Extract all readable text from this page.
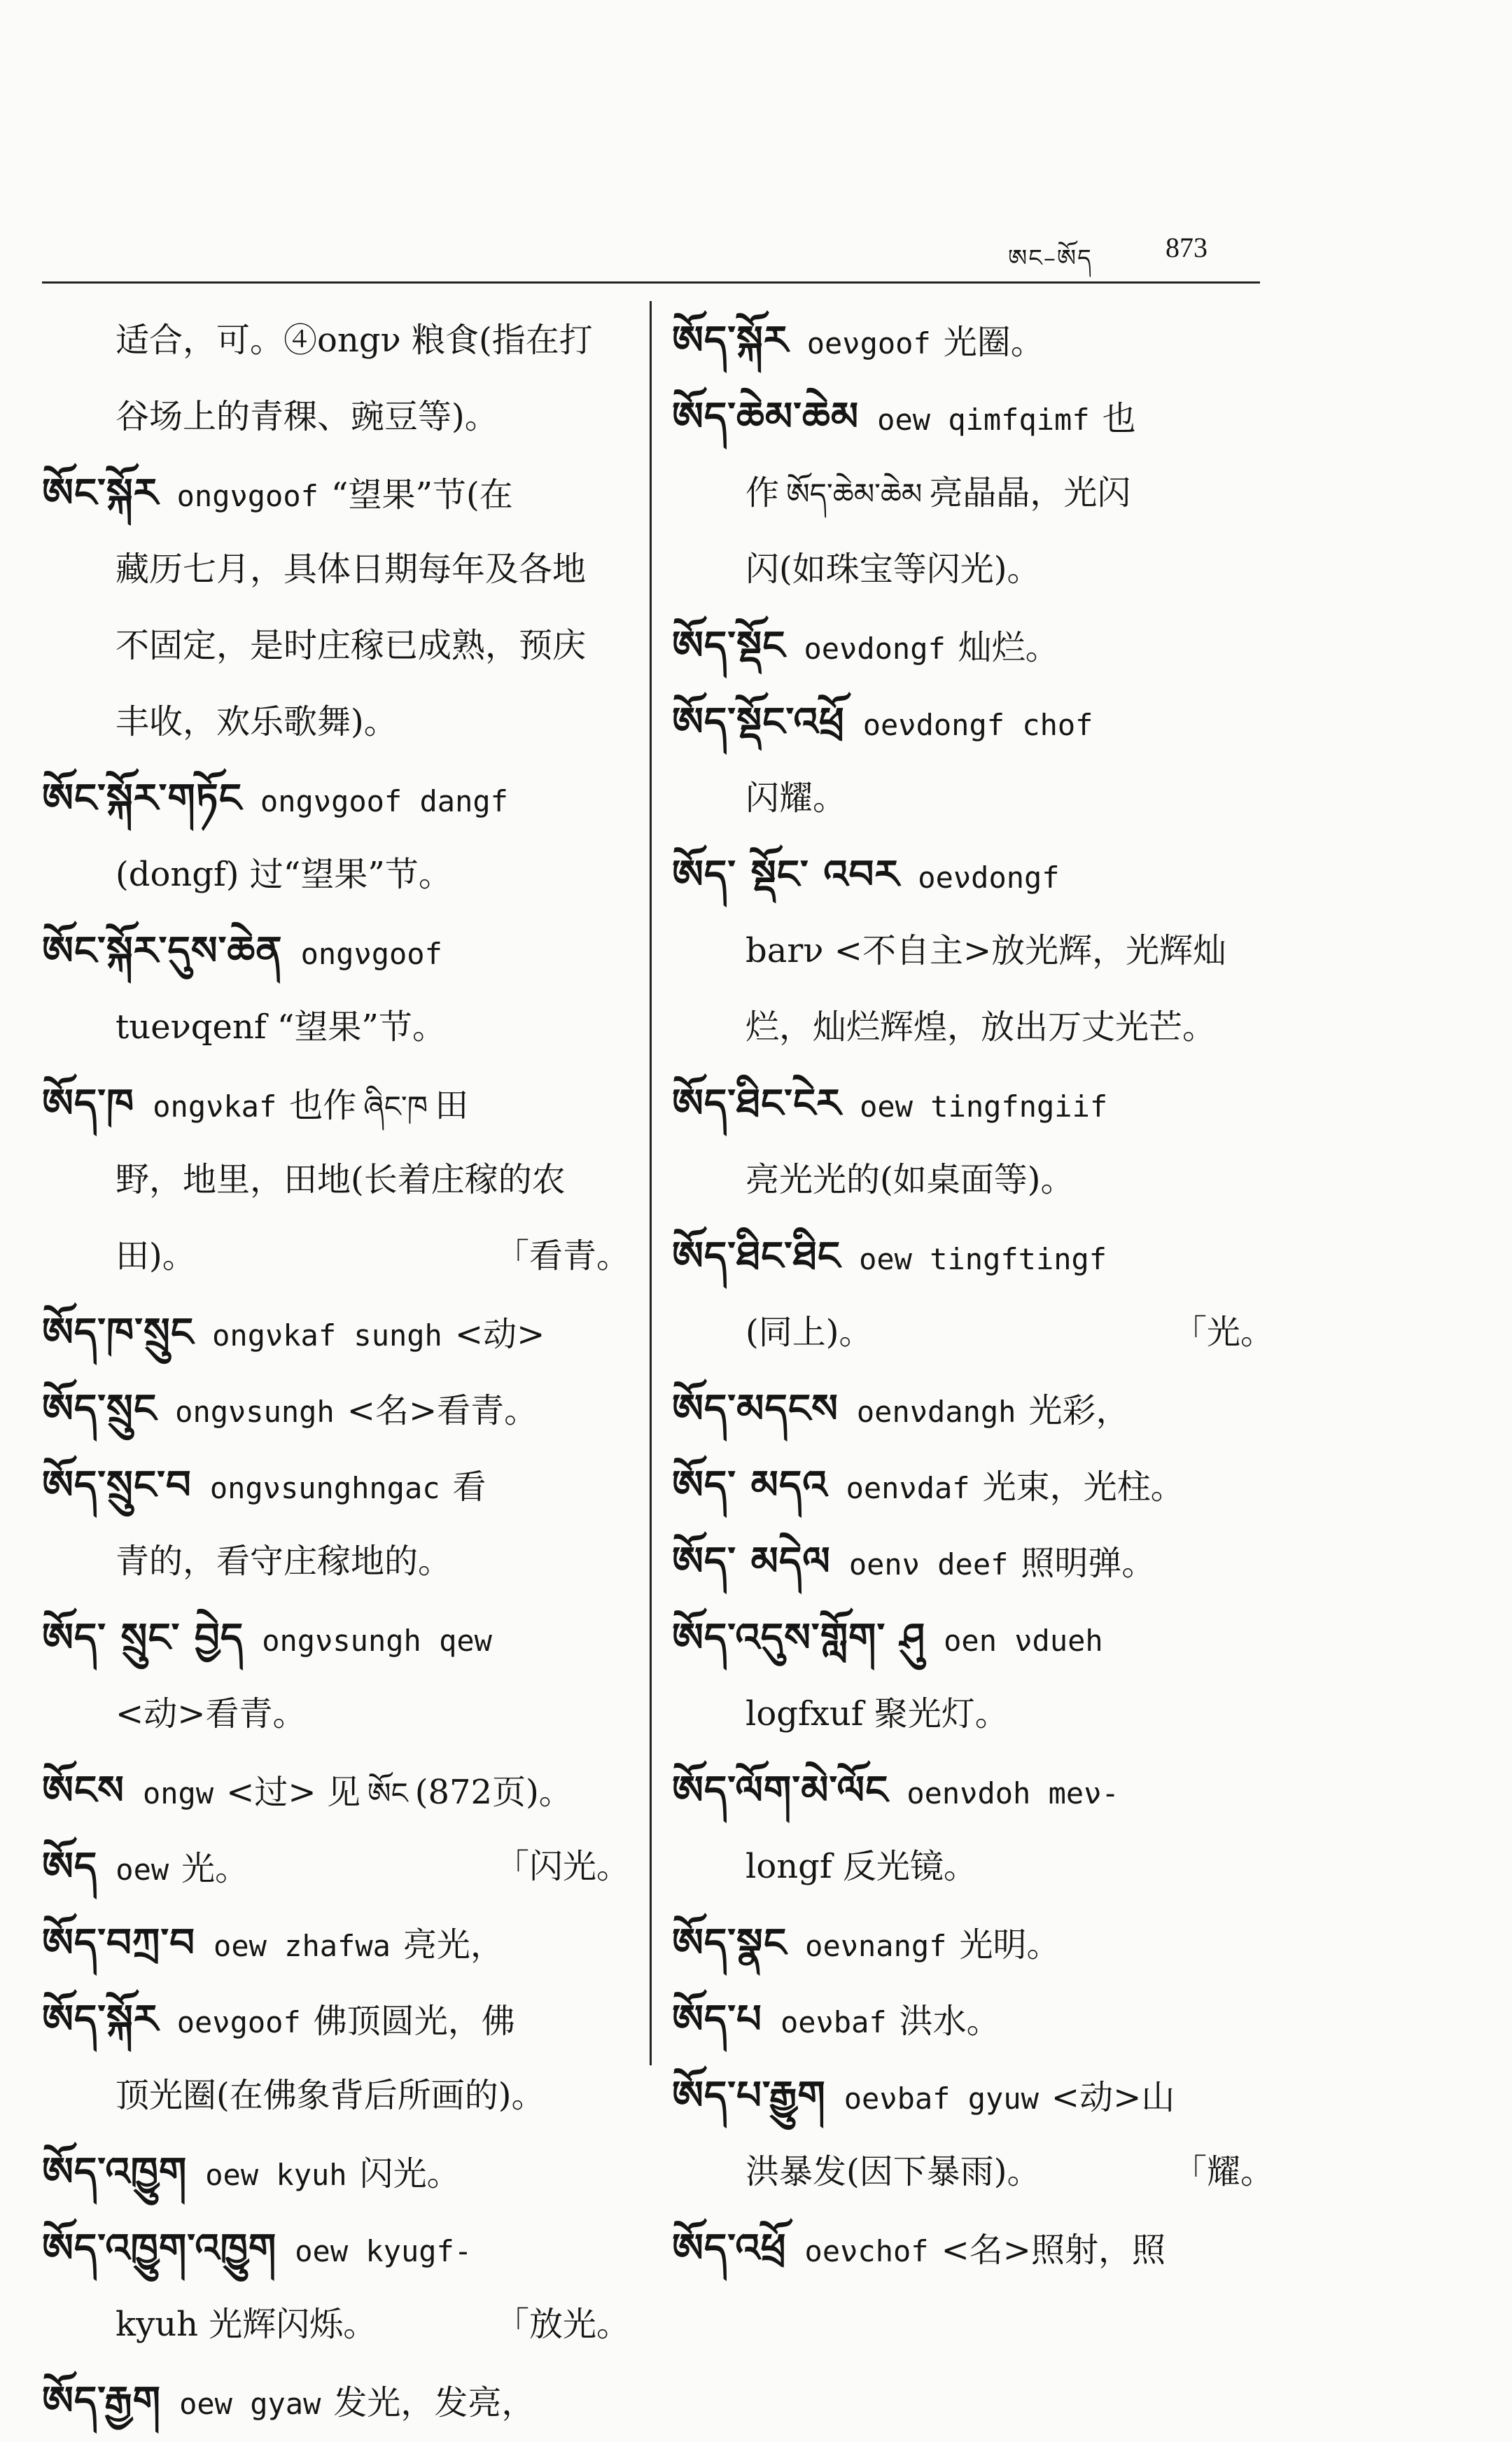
ཨང–ཨོད	873
适合，可。④ongν 粮食(指在打
谷场上的青稞、豌豆等)。
ཨོང་སྐོར ongνgoof “望果”节(在
藏历七月，具体日期每年及各地
不固定，是时庄稼已成熟，预庆
丰收，欢乐歌舞)。
ཨོང་སྐོར་གཏོང ongνgoof dangf
(dongf) 过“望果”节。
ཨོང་སྐོར་དུས་ཆེན ongνgoof
tueνqenf “望果”节。
ཨོད་ཁ ongνkaf 也作 ཞིང་ཁ 田
野，地里，田地(长着庄稼的农
田)。	「看青。
ཨོད་ཁ་སྲུང ongνkaf sungh <动>
ཨོད་སྲུང ongνsungh <名>看青。
ཨོད་སྲུང་བ ongνsunghngac 看
青的，看守庄稼地的。
ཨོད་ སྲུང་ བྱེད ongνsungh qew
<动>看青。
ཨོངས ongw <过> 见 ཨོང (872页)。
ཨོད oew 光。	「闪光。
ཨོད་བཀྲ་བ oew zhafwa 亮光，
ཨོད་སྐོར oeνgoof 佛顶圆光，佛
顶光圈(在佛象背后所画的)。
ཨོད་འཁྱུག oew kyuh 闪光。
ཨོད་འཁྱུག་འཁྱུག oew kyugf-
kyuh 光辉闪烁。	「放光。
ཨོད་རྒྱག oew gyaw 发光，发亮，
ཨོད་སྐོར oeνgoof 光圈。
ཨོད་ཆེམ་ཆེམ oew qimfqimf 也
作 ཨོད་ཆེམ་ཆེམ 亮晶晶，光闪
闪(如珠宝等闪光)。
ཨོད་སྡོང oeνdongf 灿烂。
ཨོད་སྡོང་འཕྲོ oeνdongf chof
闪耀。
ཨོད་ སྡོང་ འབར oeνdongf
barν <不自主>放光辉，光辉灿
烂，灿烂辉煌，放出万丈光芒。
ཨོད་ཐིང་ངེར oew tingfngiif
亮光光的(如桌面等)。
ཨོད་ཐིང་ཐིང oew tingftingf
(同上)。	「光。
ཨོད་མདངས oenνdangh 光彩，
ཨོད་ མདའ oenνdaf 光束，光柱。
ཨོད་ མདེལ oenν deef 照明弹。
ཨོད་འདུས་གློག་ ཤུ oen νdueh
logfxuf 聚光灯。
ཨོད་ལོག་མེ་ལོང oenνdoh meν-
longf 反光镜。
ཨོད་སྣང oeνnangf 光明。
ཨོད་པ oeνbaf 洪水。
ཨོད་པ་རྒྱུག oeνbaf gyuw <动>山
洪暴发(因下暴雨)。	「耀。
ཨོད་འཕྲོ oeνchof <名>照射，照
